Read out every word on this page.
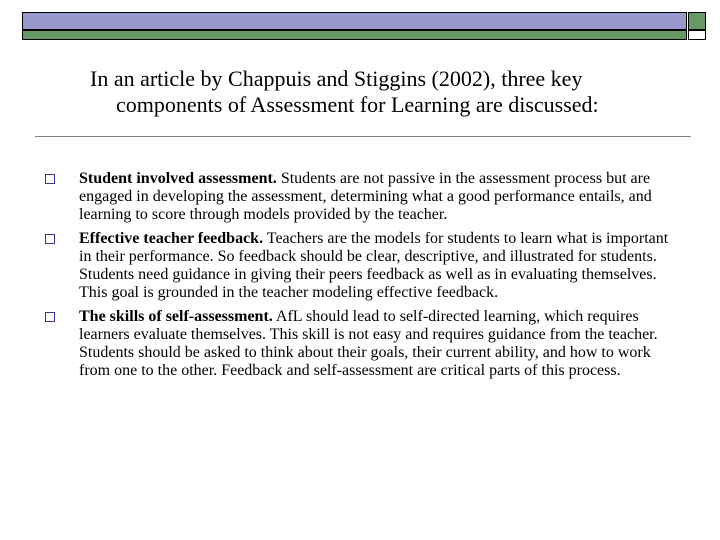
In an article by Chappuis and Stiggins (2002), three key
components of Assessment for Learning are discussed:
Student involved assessment. Students are not passive in the assessment process but are engaged in developing the assessment, determining what a good performance entails, and learning to score through models provided by the teacher.
Effective teacher feedback. Teachers are the models for students to learn what is important in their performance. So feedback should be clear, descriptive, and illustrated for students. Students need guidance in giving their peers feedback as well as in evaluating themselves. This goal is grounded in the teacher modeling effective feedback.
The skills of self-assessment. AfL should lead to self-directed learning, which requires learners evaluate themselves. This skill is not easy and requires guidance from the teacher. Students should be asked to think about their goals, their current ability, and how to work from one to the other. Feedback and self-assessment are critical parts of this process.
